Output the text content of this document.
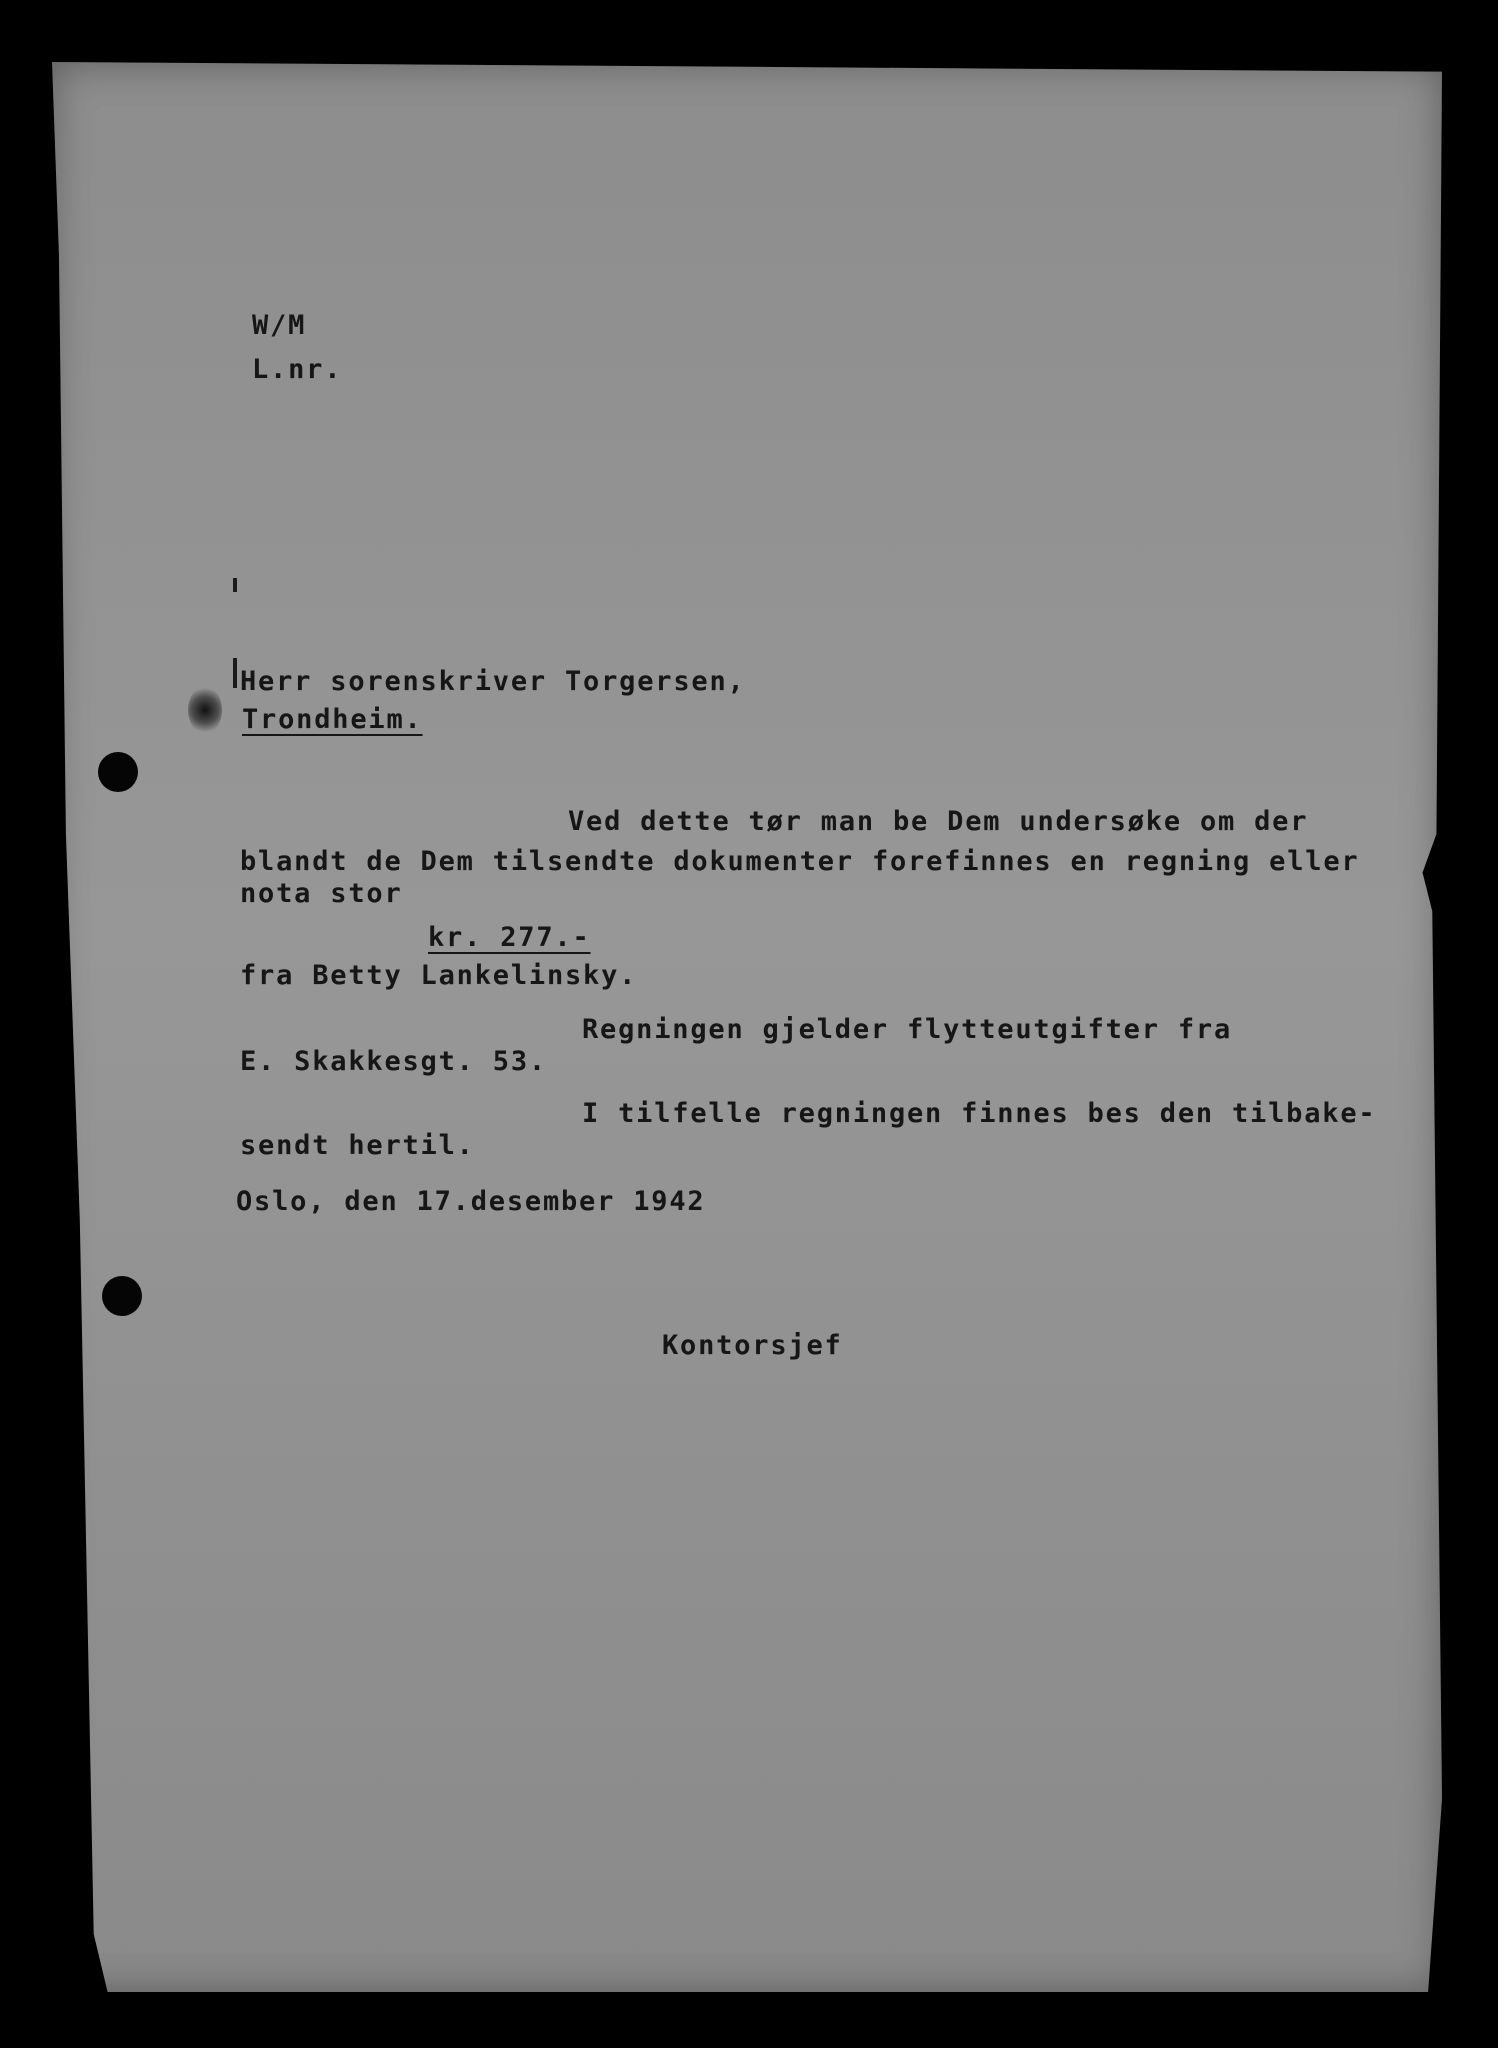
W/M
L.nr.
Herr sorenskriver Torgersen,
Trondheim.
Ved dette tør man be Dem undersøke om der
blandt de Dem tilsendte dokumenter forefinnes en regning eller
nota stor
kr. 277.-
fra Betty Lankelinsky.
Regningen gjelder flytteutgifter fra
E. Skakkesgt. 53.
I tilfelle regningen finnes bes den tilbake-
sendt hertil.
Oslo, den 17.desember 1942
Kontorsjef
